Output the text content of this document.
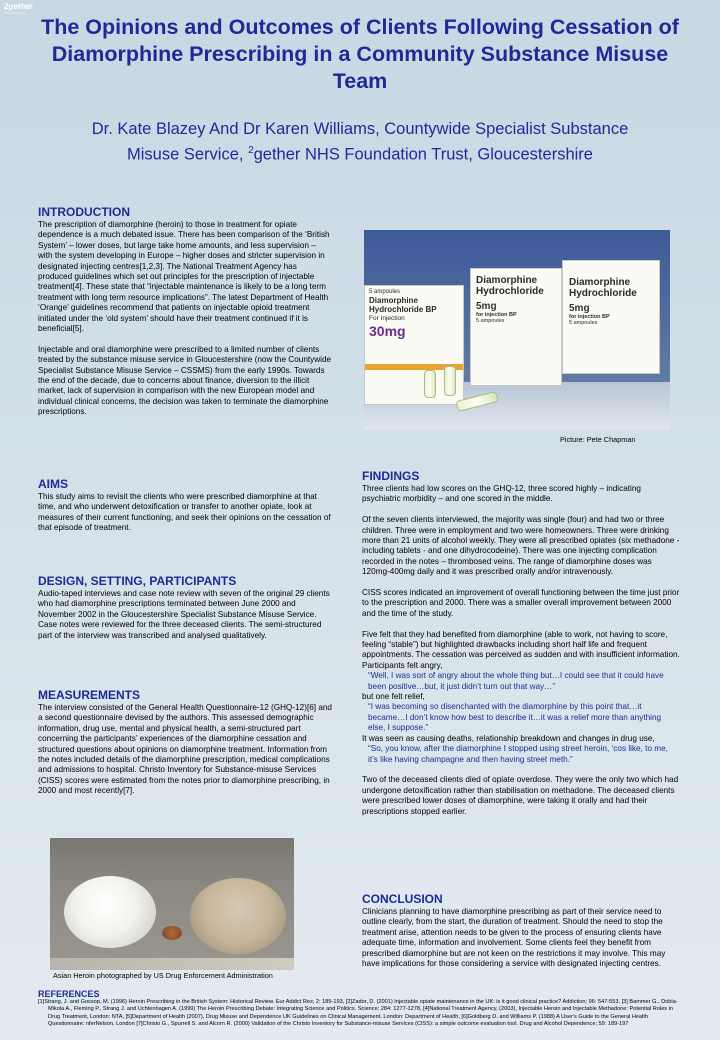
2gether
making life better
The Opinions and Outcomes of Clients Following Cessation of Diamorphine Prescribing in a Community Substance Misuse Team
Dr. Kate Blazey And Dr Karen Williams, Countywide Specialist Substance
Misuse Service, $^2$gether NHS Foundation Trust, Gloucestershire
INTRODUCTION

The prescription of diamorphine (heroin) to those in treatment for opiate dependence is a much debated issue. There has been comparison of the ‘British System’ – lower doses, but large take home amounts, and less supervision – with the system developing in Europe – higher doses and stricter supervision in designated injecting centres[1,2,3]. The National Treatment Agency has produced guidelines which set out principles for the prescription of injectable treatment[4]. These state that “injectable maintenance is likely to be a long term treatment with long term resource implications”. The latest Department of Health ‘Orange’ guidelines recommend that patients on injectable opioid treatment initiated under the ‘old system’ should have their treatment continued if it is beneficial[5].

Injectable and oral diamorphine were prescribed to a limited number of clients treated by the substance misuse service in Gloucestershire (now the Countywide Specialist Substance Misuse Service – CSSMS) from the early 1990s. Towards the end of the decade, due to concerns about finance, diversion to the illicit market, lack of supervision in comparison with the new European model and individual clinical concerns, the decision was taken to terminate the diamorphine prescriptions.

AIMS

This study aims to revisit the clients who were prescribed diamorphine at that time, and who underwent detoxification or transfer to another opiate, look at measures of their current functioning, and seek their opinions on the cessation of that episode of treatment.

DESIGN, SETTING, PARTICIPANTS

Audio-taped interviews and case note review with seven of the original 29 clients who had diamorphine prescriptions terminated between June 2000 and November 2002 in the Gloucestershire Specialist Substance Misuse Service. Case notes were reviewed for the three deceased clients. The semi-structured part of the interview was transcribed and analysed qualitatively.

MEASUREMENTS

The interview consisted of the General Health Questionnaire-12 (GHQ-12)[6] and a second questionnaire devised by the authors. This assessed demographic information, drug use, mental and physical health, a semi-structured part concerning the participants’ experiences of the diamorphine cessation and structured questions about opinions on diamorphine treatment. Information from the notes included details of the diamorphine prescription, medical complications and admissions to hospital. Christo Inventory for Substance-misuse Services (CISS) scores were estimated from the notes prior to diamorphine prescribing, in 2000 and most recently[7].

5 ampoules
Diamorphine Hydrochloride BP
For Injection
30mg
Diamorphine Hydrochloride
5mg
for injection BP
5 ampoules
Diamorphine Hydrochloride
5mg
for injection BP
5 ampoules
Picture: Pete Chapman
Asian Heroin photographed by US Drug Enforcement Administration
FINDINGS

Three clients had low scores on the GHQ-12, three scored highly – indicating psychiatric morbidity – and one scored in the middle.

Of the seven clients interviewed, the majority was single (four) and had two or three children. Three were in employment and two were homeowners. Three were drinking more than 21 units of alcohol weekly. They were all prescribed opiates (six methadone - including tablets - and one dihydrocodeine). There was one injecting complication recorded in the notes – thrombosed veins. The range of diamorphine doses was 120mg-400mg daily and it was prescribed orally and/or intravenously.

CISS scores indicated an improvement of overall functioning between the time just prior to the prescription and 2000. There was a smaller overall improvement between 2000 and the time of the study.

Five felt that they had benefited from diamorphine (able to work, not having to score, feeling “stable”) but highlighted drawbacks including short half life and frequent appointments. The cessation was perceived as sudden and with insufficient information. Participants felt angry,
“Well, I was sort of angry about the whole thing but…I could see that it could have been positive…but, it just didn’t turn out that way…”
but one felt relief,
“I was becoming so disenchanted with the diamorphine by this point that…it became…I don’t know how best to describe it…it was a relief more than anything else, I suppose.”
It was seen as causing deaths, relationship breakdown and changes in drug use,

“So, you know, after the diamorphine I stopped using street heroin, ‘cos like, to me, it’s like having champagne and then having street meth.”

Two of the deceased clients died of opiate overdose. They were the only two which had undergone detoxification rather than stabilisation on methadone. The deceased clients were prescribed lower doses of diamorphine, were taking it orally and had their prescriptions stopped earlier.

CONCLUSION

Clinicians planning to have diamorphine prescribing as part of their service need to outline clearly, from the start, the duration of treatment. Should the need to stop the treatment arise, attention needs to be given to the process of ensuring clients have adequate time, information and involvement. Some clients feel they benefit from prescribed diamorphine but are not keen on the restrictions it may involve. This may have implications for those considering a service with designated injecting centres.

REFERENCES

[1]Strang, J. and Gossop, M. (1996) Heroin Prescribing in the British System: Historical Review. Eur Addict Res; 2: 185-193, [2]Zador, D. (2001) Injectable opiate maintenance in the UK: is it good clinical practice? Addiction; 96: 547-553, [3] Bammer G., Dobla-Mikola A., Fleming P., Strang J. and Uchtenhagen A. (1999) The Heroin Prescribing Debate: Integrating Science and Politics. Science; 284: 1277-1278, [4]National Treatment Agency, (2003), Injectable Heroin and Injectable Methadone: Potential Roles in Drug Treatment, London: NTA, [5]Department of Health (2007), Drug Misuse and Dependence UK Guidelines on Clinical Management. London: Department of Health, [6]Goldberg D. and Williams P. (1988) A User's Guide to the General Health Questionnaire: nferNelson, London [7]Christo G., Spurrell S. and Alcorn R. (2000) Validation of the Christo Inventory for Substance-misuse Services (CISS): a simple outcome evaluation tool. Drug and Alcohol Dependence; 59: 189-197
